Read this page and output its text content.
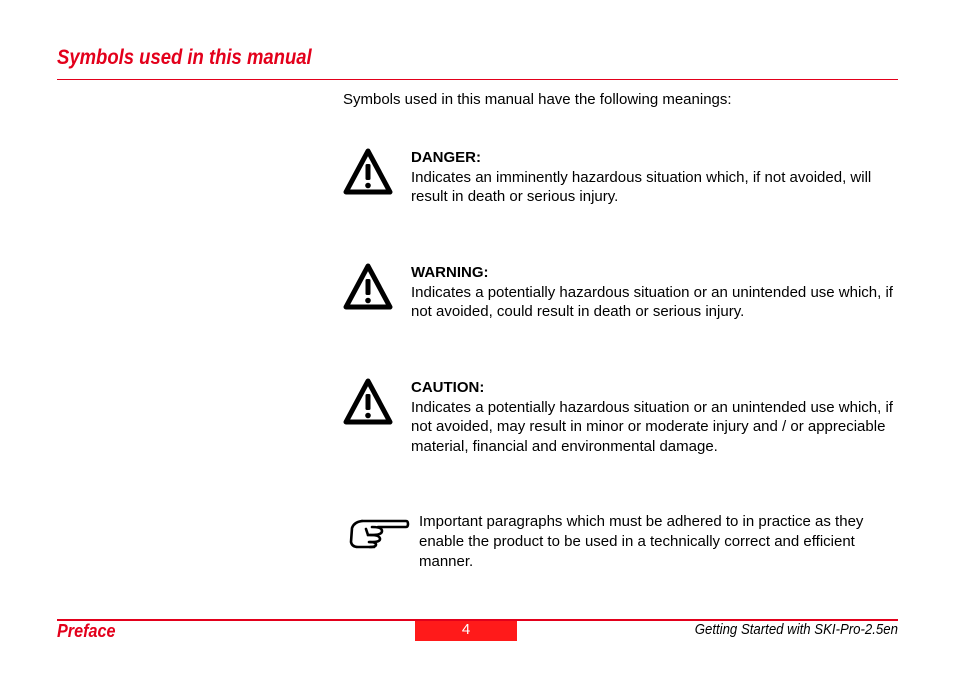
Symbols used in this manual
Symbols used in this manual have the following meanings:
DANGER:
Indicates an imminently hazardous situation which, if not avoided, will result in death or serious injury.
WARNING:
Indicates a potentially hazardous situation or an unintended use which, if not avoided, could result in death or serious injury.
CAUTION:
Indicates a potentially hazardous situation or an unintended use which, if not avoided, may result in minor or moderate injury and / or appreciable material, financial and environmental damage.
Important paragraphs which must be adhered to in practice as they enable the product to be used in a technically correct and efficient manner.
Preface	4	Getting Started with SKI-Pro-2.5en
